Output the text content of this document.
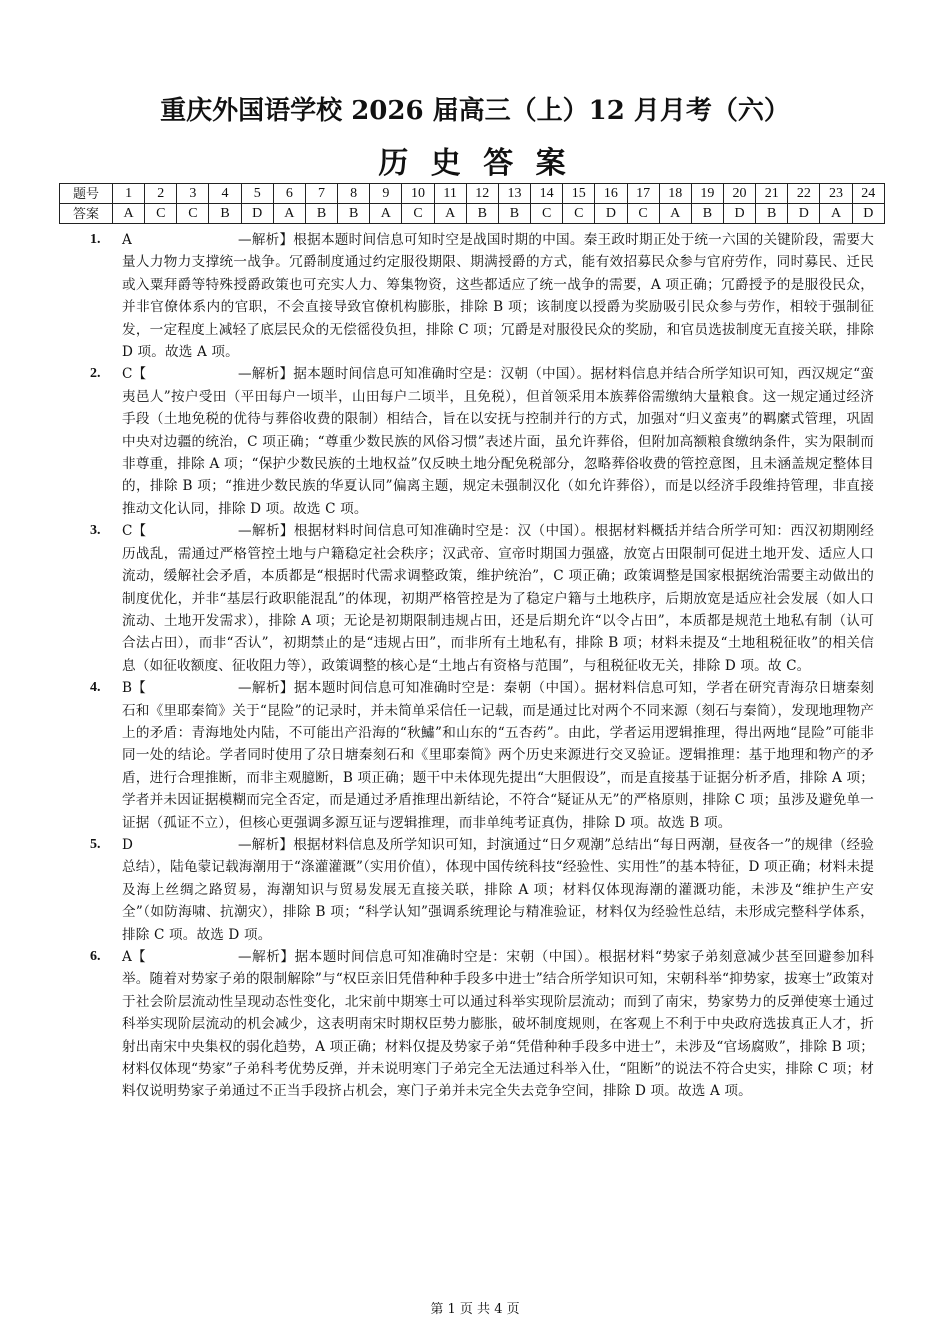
重庆外国语学校 2026 届高三（上）12 月月考（六）
历 史 答 案
题号	1	2	3	4	5	6	7	8	9	10	11	12	13	14	15	16	17	18	19	20	21	22	23	24
答案	A	C	C	B	D	A	B	B	A	C	A	B	B	C	C	D	C	A	B	D	B	D	A	D
1. A	—解析】根据本题时间信息可知时空是战国时期的中国。秦王政时期正处于统一六国的关键阶段，需要大量人力物力支撑统一战争。冗爵制度通过约定服役期限、期满授爵的方式，能有效招募民众参与官府劳作，同时募民、迁民或入粟拜爵等特殊授爵政策也可充实人力、筹集物资，这些都适应了统一战争的需要，A 项正确；冗爵授予的是服役民众，并非官僚体系内的官职，不会直接导致官僚机构膨胀，排除 B 项；该制度以授爵为奖励吸引民众参与劳作，相较于强制征发，一定程度上减轻了底层民众的无偿徭役负担，排除 C 项；冗爵是对服役民众的奖励，和官员选拔制度无直接关联，排除 D 项。故选 A 项。
2. C【	—解析】据本题时间信息可知准确时空是：汉朝（中国）。据材料信息并结合所学知识可知，西汉规定“蛮夷邑人”按户受田（平田每户一顷半，山田每户二顷半，且免税），但首领采用本族葬俗需缴纳大量粮食。这一规定通过经济手段（土地免税的优待与葬俗收费的限制）相结合，旨在以安抚与控制并行的方式，加强对“归义蛮夷”的羁縻式管理，巩固中央对边疆的统治，C 项正确；“尊重少数民族的风俗习惯”表述片面，虽允许葬俗，但附加高额粮食缴纳条件，实为限制而非尊重，排除 A 项；“保护少数民族的土地权益”仅反映土地分配免税部分，忽略葬俗收费的管控意图，且未涵盖规定整体目的，排除 B 项；“推进少数民族的华夏认同”偏离主题，规定未强制汉化（如允许葬俗），而是以经济手段维持管理，非直接推动文化认同，排除 D 项。故选 C 项。
3. C【	—解析】根据材料时间信息可知准确时空是：汉（中国）。根据材料概括并结合所学可知：西汉初期刚经历战乱，需通过严格管控土地与户籍稳定社会秩序；汉武帝、宣帝时期国力强盛，放宽占田限制可促进土地开发、适应人口流动，缓解社会矛盾，本质都是“根据时代需求调整政策，维护统治”，C 项正确；政策调整是国家根据统治需要主动做出的制度优化，并非“基层行政职能混乱”的体现，初期严格管控是为了稳定户籍与土地秩序，后期放宽是适应社会发展（如人口流动、土地开发需求），排除 A 项；无论是初期限制违规占田，还是后期允许“以令占田”，本质都是规范土地私有制（认可合法占田），而非“否认”，初期禁止的是“违规占田”，而非所有土地私有，排除 B 项；材料未提及“土地租税征收”的相关信息（如征收额度、征收阻力等），政策调整的核心是“土地占有资格与范围”，与租税征收无关，排除 D 项。故 C。
4. B【	—解析】据本题时间信息可知准确时空是：秦朝（中国）。据材料信息可知，学者在研究青海尕日塘秦刻石和《里耶秦简》关于“昆险”的记录时，并未简单采信任一记载，而是通过比对两个不同来源（刻石与秦简），发现地理物产上的矛盾：青海地处内陆，不可能出产沿海的“秋鱐”和山东的“五杏药”。由此，学者运用逻辑推理，得出两地“昆险”可能非同一处的结论。学者同时使用了尕日塘秦刻石和《里耶秦简》两个历史来源进行交叉验证。逻辑推理：基于地理和物产的矛盾，进行合理推断，而非主观臆断，B 项正确；题干中未体现先提出“大胆假设”，而是直接基于证据分析矛盾，排除 A 项；学者并未因证据模糊而完全否定，而是通过矛盾推理出新结论，不符合“疑证从无”的严格原则，排除 C 项；虽涉及避免单一证据（孤证不立），但核心更强调多源互证与逻辑推理，而非单纯考证真伪，排除 D 项。故选 B 项。
5. D	—解析】根据材料信息及所学知识可知，封演通过“日夕观潮”总结出“每日两潮，昼夜各一”的规律（经验总结），陆龟蒙记载海潮用于“涤灌灌溉”（实用价值），体现中国传统科技“经验性、实用性”的基本特征，D 项正确；材料未提及海上丝绸之路贸易，海潮知识与贸易发展无直接关联，排除 A 项；材料仅体现海潮的灌溉功能，未涉及“维护生产安全”（如防海啸、抗潮灾），排除 B 项；“科学认知”强调系统理论与精准验证，材料仅为经验性总结，未形成完整科学体系，排除 C 项。故选 D 项。
6. A【	—解析】据本题时间信息可知准确时空是：宋朝（中国）。根据材料“势家子弟刻意减少甚至回避参加科举。随着对势家子弟的限制解除”与“权臣亲旧凭借种种手段多中进士”结合所学知识可知，宋朝科举“抑势家，拔寒士”政策对于社会阶层流动性呈现动态性变化，北宋前中期寒士可以通过科举实现阶层流动；而到了南宋，势家势力的反弹使寒士通过科举实现阶层流动的机会减少，这表明南宋时期权臣势力膨胀，破坏制度规则，在客观上不利于中央政府选拔真正人才，折射出南宋中央集权的弱化趋势，A 项正确；材料仅提及势家子弟“凭借种种手段多中进士”，未涉及“官场腐败”，排除 B 项；材料仅体现“势家”子弟科考优势反弹，并未说明寒门子弟完全无法通过科举入仕，“阻断”的说法不符合史实，排除 C 项；材料仅说明势家子弟通过不正当手段挤占机会，寒门子弟并未完全失去竞争空间，排除 D 项。故选 A 项。
第 1 页 共 4 页
